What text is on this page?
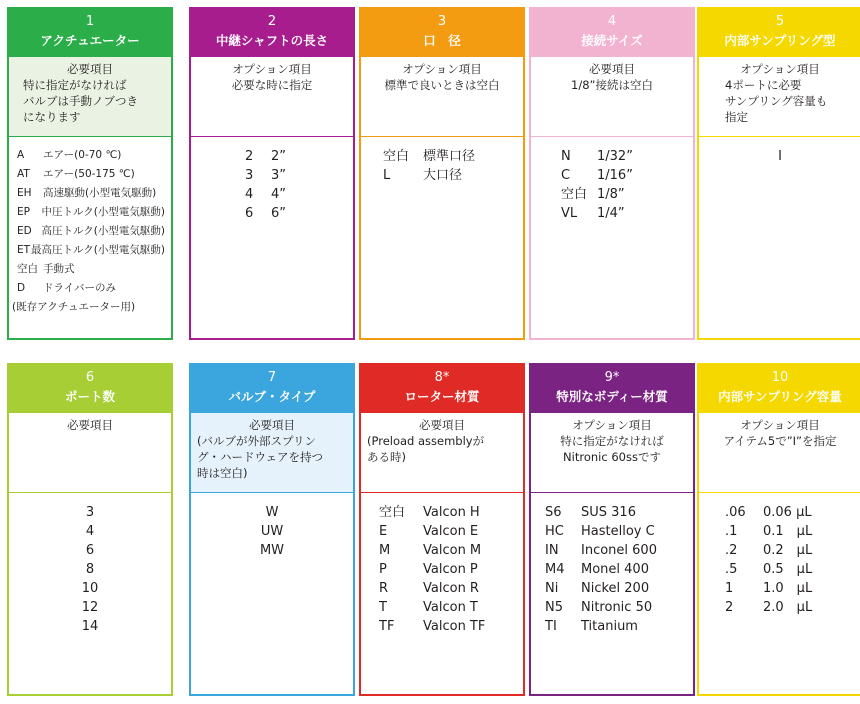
1
アクチュエーター
必要項目
特に指定がなければ
バルブは手動ノブつき
になります
A	エアー(0-70 ℃)
AT	エアー(50-175 ℃)
EH	高速駆動(小型電気駆動)
EP	中圧トルク(小型電気駆動)
ED 高圧トルク(小型電気駆動)
ET 最高圧トルク(小型電気駆動)
空白 手動式
D	ドライバーのみ
(既存アクチュエーター用)
2
中継シャフトの長さ
オプション項目
必要な時に指定
2	2”
3	3”
4	4”
6	6”
3
口　径
オプション項目
標準で良いときは空白
空白	標準口径
L	大口径
4
接続サイズ
必要項目
1/8”接続は空白
N	1/32”
C	1/16”
空白 1/8”
VL	1/4”
5
内部サンプリング型
オプション項目
4ポートに必要
サンプリング容量も
指定
I
6
ポート数
必要項目
3
4
6
8
10
12
14
7
バルブ・タイプ
必要項目
(バルブが外部スプリン
グ・ハードウェアを持つ
時は空白)
W
UW
MW
8*
ローター材質
必要項目
(Preload assemblyが
ある時)
空白	Valcon H
E	Valcon E
M	Valcon M
P	Valcon P
R	Valcon R
T	Valcon T
TF	Valcon TF
9*
特別なボディー材質
オプション項目
特に指定がなければ
Nitronic 60ssです
S6	SUS 316
HC	Hastelloy C
IN	Inconel 600
M4	Monel 400
Ni	Nickel 200
N5	Nitronic 50
TI	Titanium
10
内部サンプリング容量
オプション項目
アイテム5で”I”を指定
.06	0.06 μL
.1	0.1　μL
.2	0.2　μL
.5	0.5　μL
1	1.0　μL
2	2.0　μL
